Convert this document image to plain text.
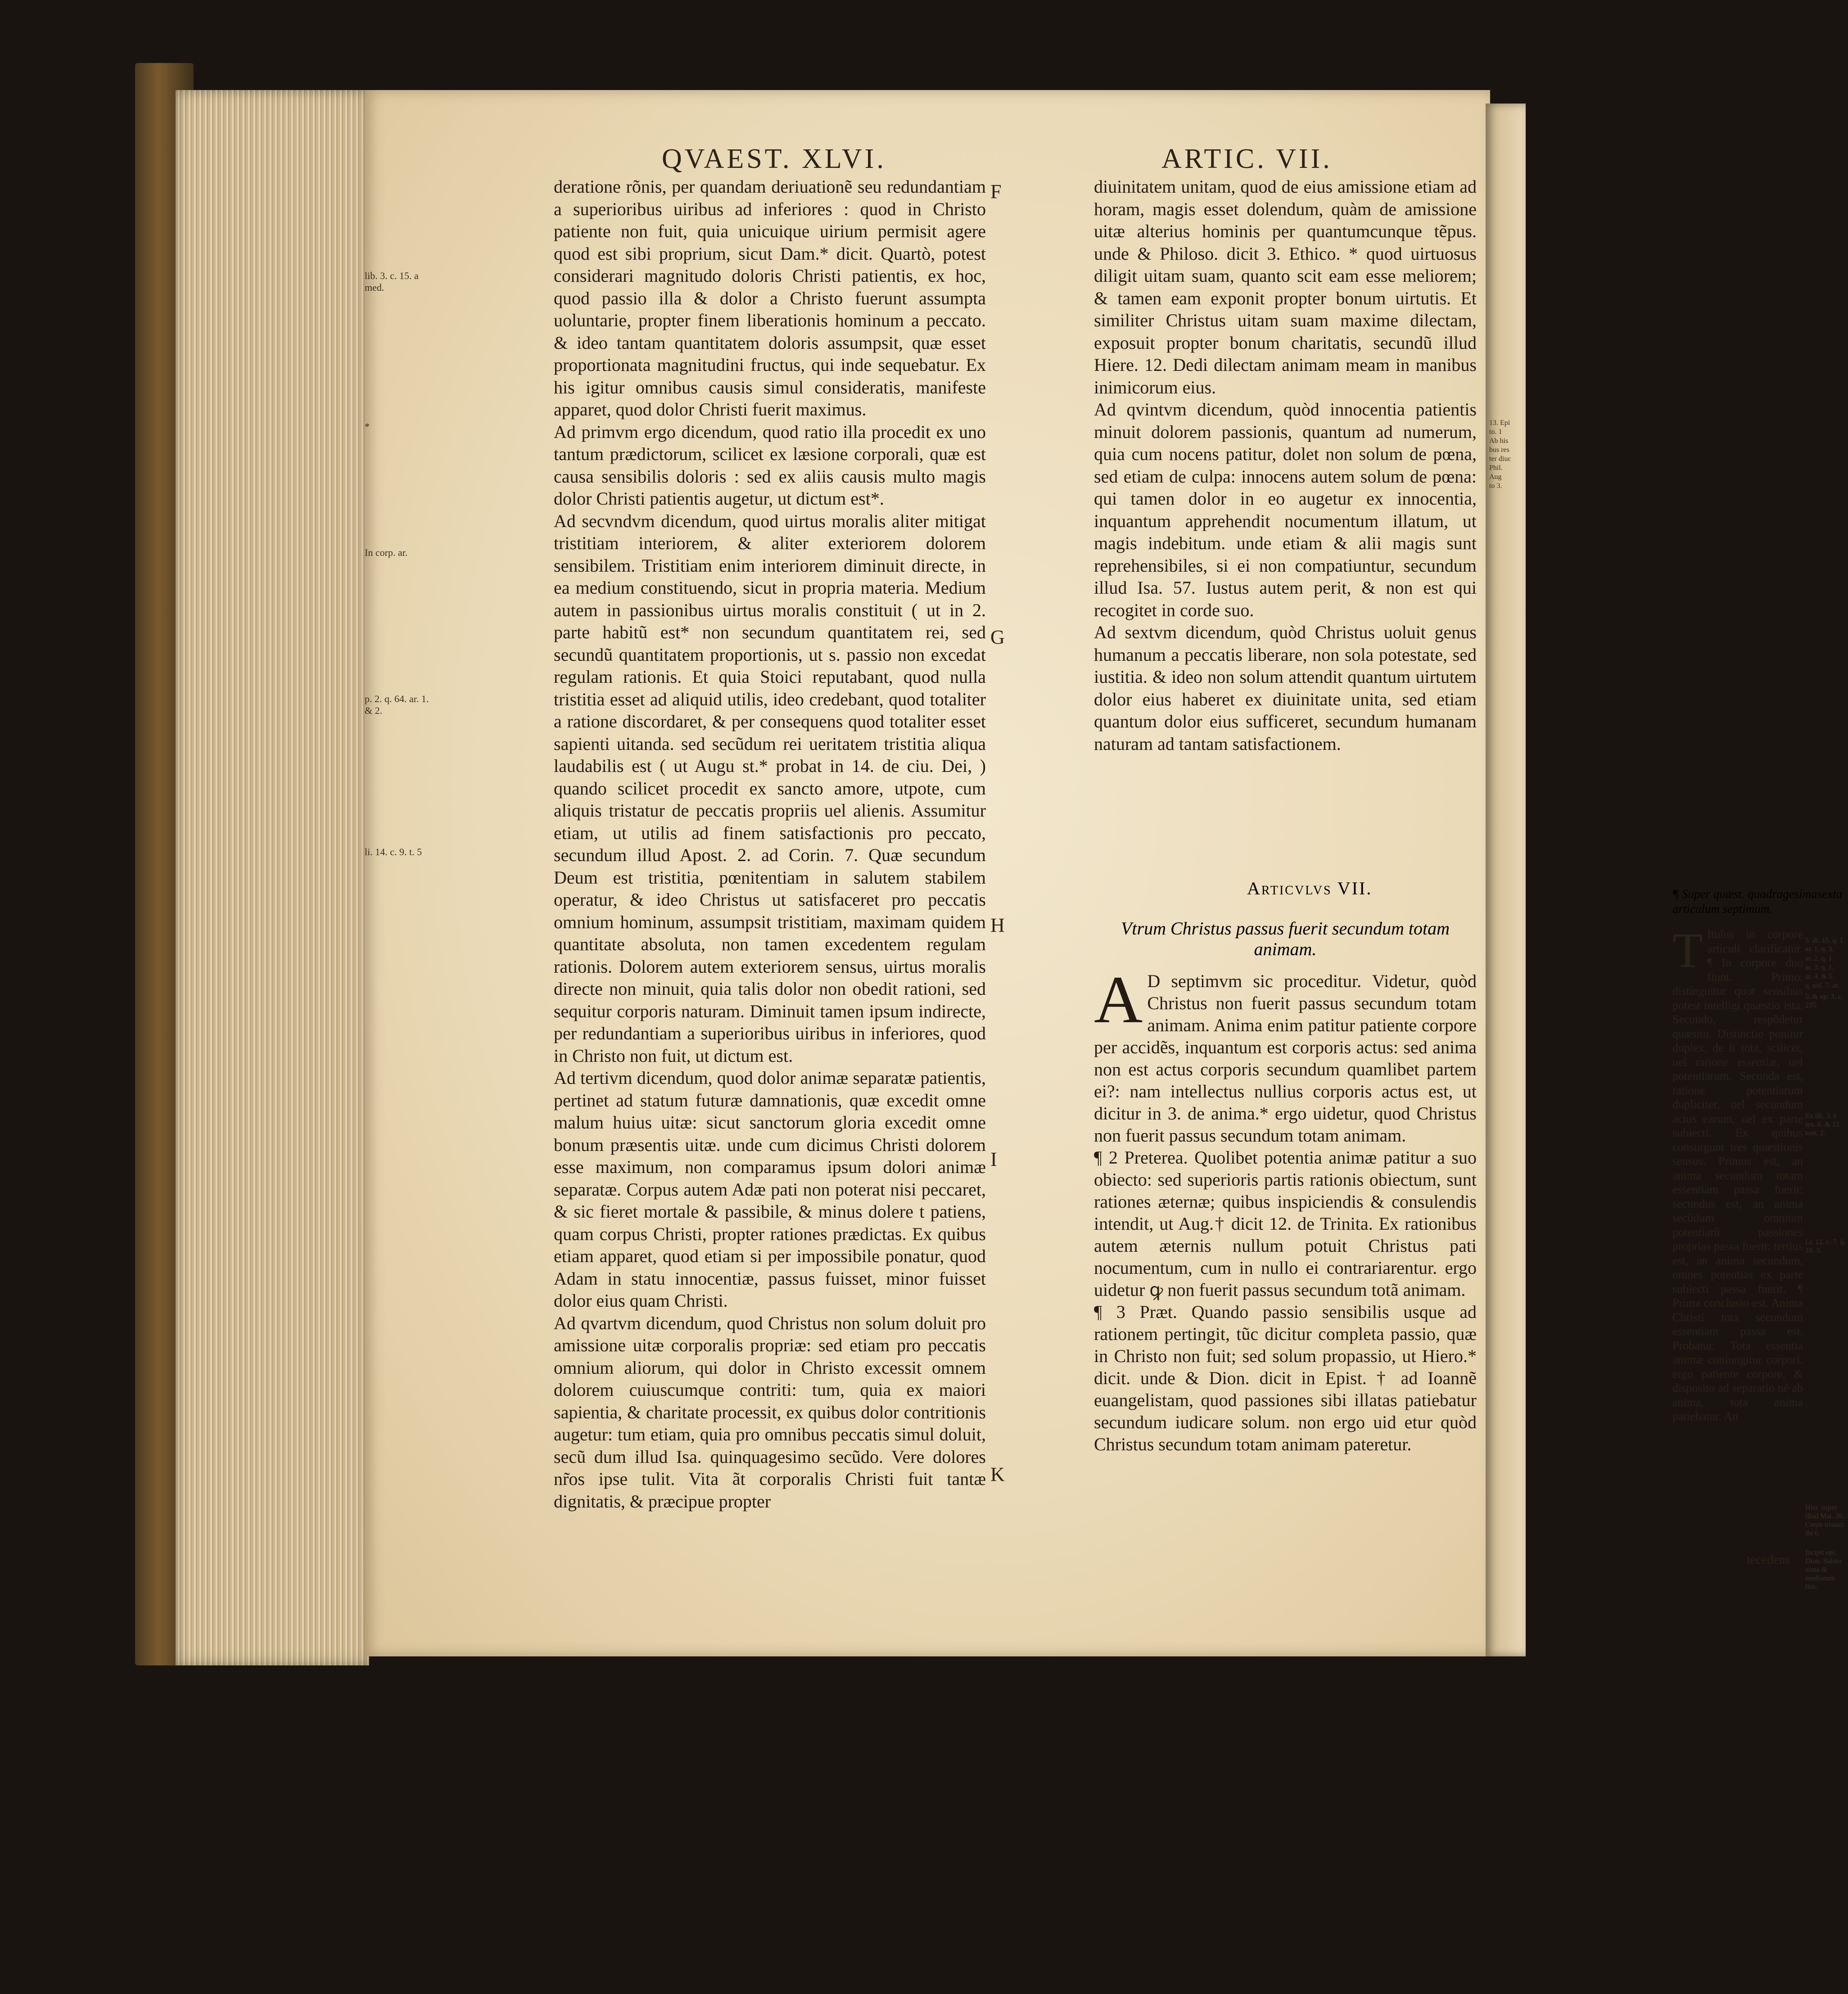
QVAEST. XLVI.	ARTIC. VII.
lib. 3. c. 15. a med.
*
In corp. ar.
p. 2. q. 64. ar. 1. & 2.
li. 14. c. 9. t. 5

deratione rõnis, per quandam deriuationẽ seu redundantiam a superioribus uiribus ad inferiores : quod in Christo patiente non fuit, quia unicuique uirium permisit agere quod est sibi proprium, sicut Dam.* dicit. Quartò, potest considerari magnitudo doloris Christi patientis, ex hoc, quod passio illa & dolor a Christo fuerunt assumpta uoluntarie, propter finem liberationis hominum a peccato. & ideo tantam quantitatem doloris assumpsit, quæ esset proportionata magnitudini fructus, qui inde sequebatur. Ex his igitur omnibus causis simul consideratis, manifeste apparet, quod dolor Christi fuerit maximus.

Ad primvm ergo dicendum, quod ratio illa procedit ex uno tantum prædictorum, scilicet ex læsione corporali, quæ est causa sensibilis doloris : sed ex aliis causis multo magis dolor Christi patientis augetur, ut dictum est*.

Ad secvndvm dicendum, quod uirtus moralis aliter mitigat tristitiam interiorem, & aliter exteriorem dolorem sensibilem. Tristitiam enim interiorem diminuit directe, in ea medium constituendo, sicut in propria materia. Medium autem in passionibus uirtus moralis constituit ( ut in 2. parte habitũ est* non secundum quantitatem rei, sed secundũ quantitatem proportionis, ut s. passio non excedat regulam rationis. Et quia Stoici reputabant, quod nulla tristitia esset ad aliquid utilis, ideo credebant, quod totaliter a ratione discordaret, & per consequens quod totaliter esset sapienti uitanda. sed secũdum rei ueritatem tristitia aliqua laudabilis est ( ut Augu st.* probat in 14. de ciu. Dei, ) quando scilicet procedit ex sancto amore, utpote, cum aliquis tristatur de peccatis propriis uel alienis. Assumitur etiam, ut utilis ad finem satisfactionis pro peccato, secundum illud Apost. 2. ad Corin. 7. Quæ secundum Deum est tristitia, pœnitentiam in salutem stabilem operatur, & ideo Christus ut satisfaceret pro peccatis omnium hominum, assumpsit tristitiam, maximam quidem quantitate absoluta, non tamen excedentem regulam rationis. Dolorem autem exteriorem sensus, uirtus moralis directe non minuit, quia talis dolor non obedit rationi, sed sequitur corporis naturam. Diminuit tamen ipsum indirecte, per redundantiam a superioribus uiribus in inferiores, quod in Christo non fuit, ut dictum est.

Ad tertivm dicendum, quod dolor animæ separatæ patientis, pertinet ad statum futuræ damnationis, quæ excedit omne malum huius uitæ: sicut sanctorum gloria excedit omne bonum præsentis uitæ. unde cum dicimus Christi dolorem esse maximum, non comparamus ipsum dolori animæ separatæ. Corpus autem Adæ pati non poterat nisi peccaret, & sic fieret mortale & passibile, & minus dolere t patiens, quam corpus Christi, propter rationes prædictas. Ex quibus etiam apparet, quod etiam si per impossibile ponatur, quod Adam in statu innocentiæ, passus fuisset, minor fuisset dolor eius quam Christi.

Ad qvartvm dicendum, quod Christus non solum doluit pro amissione uitæ corporalis propriæ: sed etiam pro peccatis omnium aliorum, qui dolor in Christo excessit omnem dolorem cuiuscumque contriti: tum, quia ex maiori sapientia, & charitate processit, ex quibus dolor contritionis augetur: tum etiam, quia pro omnibus peccatis simul doluit, secũ dum illud Isa. quinquagesimo secũdo. Vere dolores nr̃os ipse tulit. Vita ãt corporalis Christi fuit tantæ dignitatis, & præcipue propter

F
G
H
I
K

diuinitatem unitam, quod de eius amissione etiam ad horam, magis esset dolendum, quàm de amissione uitæ alterius hominis per quantumcunque tẽpus. unde & Philoso. dicit 3. Ethico. * quod uirtuosus diligit uitam suam, quanto scit eam esse meliorem; & tamen eam exponit propter bonum uirtutis. Et similiter Christus uitam suam maxime dilectam, exposuit propter bonum charitatis, secundũ illud Hiere. 12. Dedi dilectam animam meam in manibus inimicorum eius.

Ad qvintvm dicendum, quòd innocentia patientis minuit dolorem passionis, quantum ad numerum, quia cum nocens patitur, dolet non solum de pœna, sed etiam de culpa: innocens autem solum de pœna: qui tamen dolor in eo augetur ex innocentia, inquantum apprehendit nocumentum illatum, ut magis indebitum. unde etiam & alii magis sunt reprehensibiles, si ei non compatiuntur, secundum illud Isa. 57. Iustus autem perit, & non est qui recogitet in corde suo.

Ad sextvm dicendum, quòd Christus uoluit genus humanum a peccatis liberare, non sola potestate, sed iustitia. & ideo non solum attendit quantum uirtutem dolor eius haberet ex diuinitate unita, sed etiam quantum dolor eius sufficeret, secundum humanam naturam ad tantam satisfactionem.

Articvlvs VII.
Vtrum Christus passus fuerit secundum totam animam.
A D septimvm sic proceditur. Videtur, quòd Christus non fuerit passus secundum totam animam. Anima enim patitur patiente corpore per accidẽs, inquantum est corporis actus: sed anima non est actus corporis secundum quamlibet partem ei?: nam intellectus nullius corporis actus est, ut dicitur in 3. de anima.* ergo uidetur, quod Christus non fuerit passus secundum totam animam.

¶ 2 Preterea. Quolibet potentia animæ patitur a suo obiecto: sed superioris partis rationis obiectum, sunt rationes æternæ; quibus inspiciendis & consulendis intendit, ut Aug.† dicit 12. de Trinita. Ex rationibus autem æternis nullum potuit Christus pati nocumentum, cum in nullo ei contrariarentur. ergo uidetur ꝙ non fuerit passus secundum totã animam.

¶ 3 Præt. Quando passio sensibilis usque ad rationem pertingit, tũc dicitur completa passio, quæ in Christo non fuit; sed solum propassio, ut Hiero.* dicit. unde & Dion. dicit in Epist. † ad Ioannẽ euangelistam, quod passiones sibi illatas patiebatur secundum iudicare solum. non ergo uid etur quòd Christus secundum totam animam pateretur.

¶ Super quæst. quadragesimasexta articulum septimum.
T Itulus in corpore articuli clarificatur. ¶ In corpore duo fiunt. Primo, distinguitur quot sensibus potest intelligi quæstio ista. Secundo, respõdetur quæsito. Distinctio ponitur duplex, de li tota, scilicet, uel ratione essentiæ, uel potentiarum. Secunda est, ratione potentiarum dupliciter, uel secundum actus earum, uel ex parte subiecti. Ex quibus consurgunt tres quæstionis sensus. Primus est, an anima secundum totam essentiam passa fuerit: secundus est, an anima secũdum omnium potentiarũ passiones proprias passa fuerit: tertius est, an anima secundum, omnes potentias ex parte subiecti passa fuerit. ¶ Prima conclusio est. Anima Christi tota secundum essentiam passa est. Probatur. Tota essentia animæ coniungitur corpori. ergo patiente corpore, & disposito ad separatio nẽ ab anima, tota anima patiebatur. An
tecedens
5. di. 15. q. 1. ar. 1. q. 3.
ar. 2. q. 1.
ar. 3. q. 1.
ar. 4. & 5.
q. uol. 7. ar.
5. & op. 3. c. 235.
Ex lib. 3. e tex. 6. & 12 tom. 2.
Li. 12. c. 7. ij. 10. 3.
Hier. super illud Mat. 26. Cœpit tristari. ibi 6.
Incipit epi. Dion. Saluto nima & mediorum lius.
13. Epi
to. 1
Ab his
bus res
ter diuc
Phil.
Aug
to 3.
